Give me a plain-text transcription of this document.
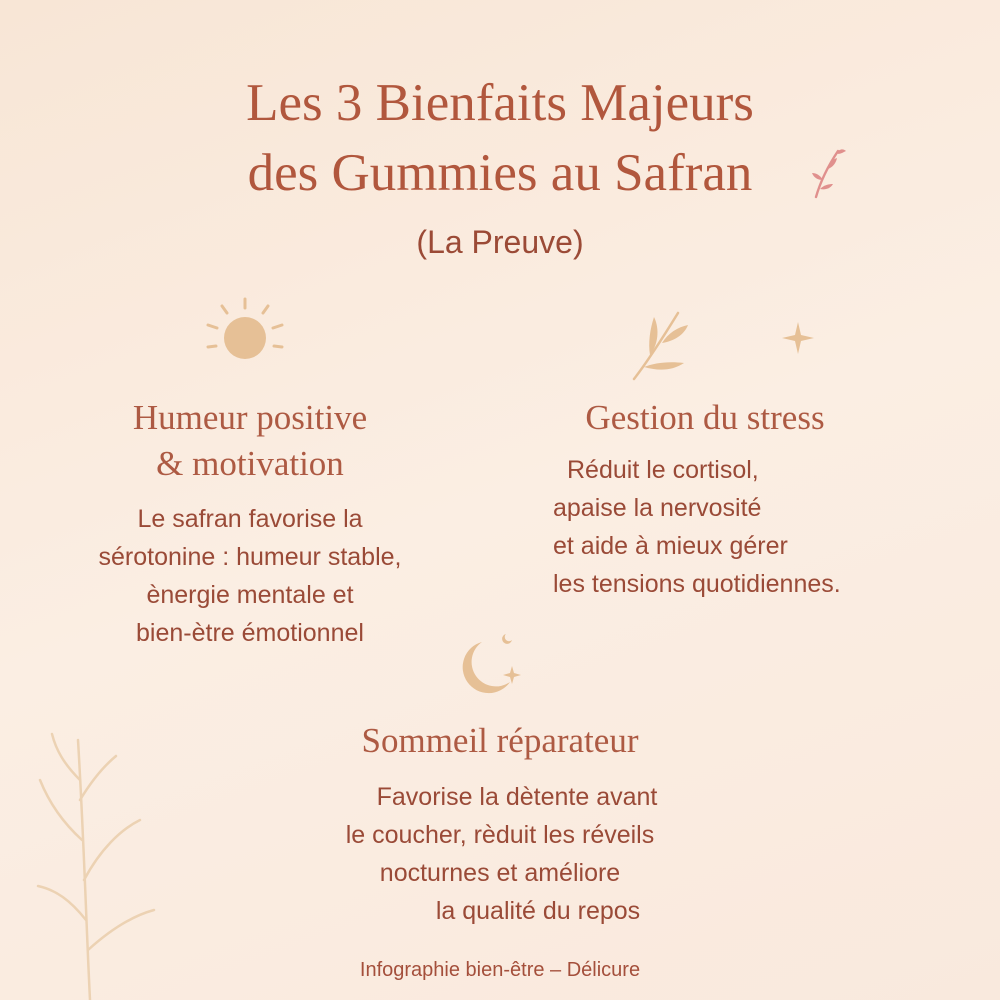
Les 3 Bienfaits Majeurs
des Gummies au Safran
(La Preuve)
Humeur positive
& motivation

Le safran favorise la
sérotonine : humeur stable,
ènergie mentale et
bien-ètre émotionnel

Gestion du stress

Réduit le cortisol,
apaise la nervosité
et aide à mieux gérer
les tensions quotidiennes.

Sommeil réparateur

Favorise la dètente avant
le coucher, rèduit les réveils
nocturnes et améliore
la qualité du repos

Infographie bien-être – Délicure
